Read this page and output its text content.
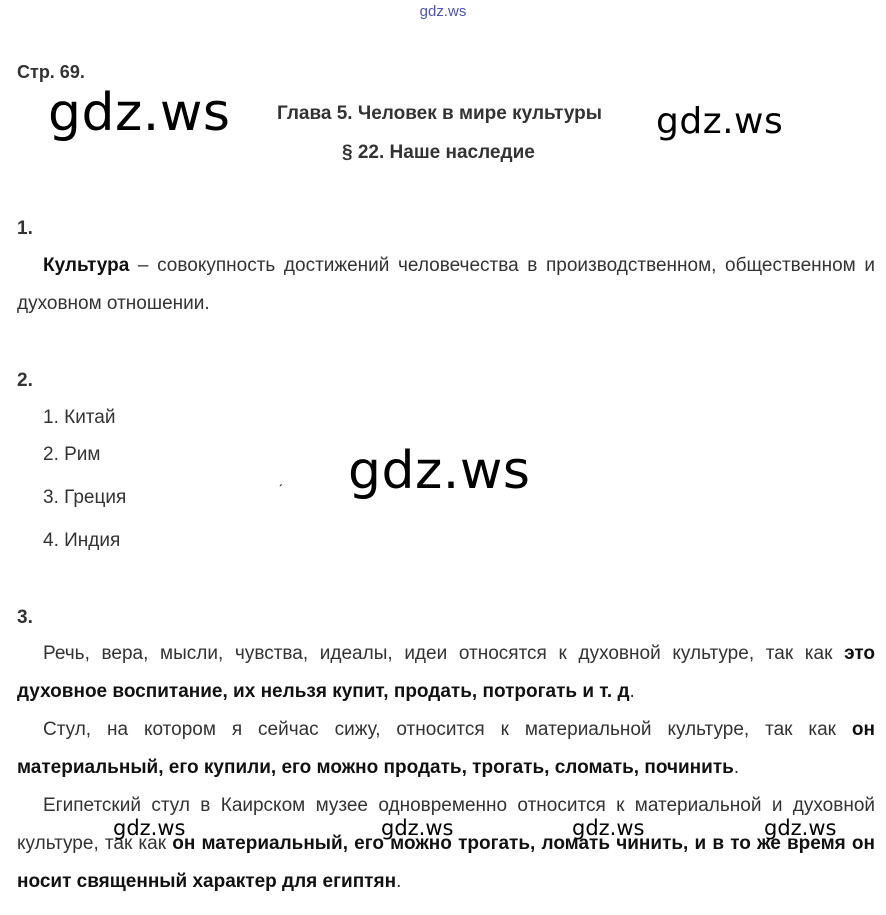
gdz.ws
Стр. 69.
gdz.ws Глава 5. Человек в мире культуры gdz.ws
§ 22. Наше наследие
1.
Культура – совокупность достижений человечества в производственном, общественном и духовном отношении.
2.
1. Китай
2. Рим
3. Греция
4. Индия
ˊ gdz.ws
3.
Речь, вера, мысли, чувства, идеалы, идеи относятся к духовной культуре, так как это духовное воспитание, их нельзя купит, продать, потрогать и т. д.
Стул, на котором я сейчас сижу, относится к материальной культуре, так как он материальный, его купили, его можно продать, трогать, сломать, починить.
Египетский стул в Каирском музее одновременно относится к материальной и духовной культуре, так как он материальный, его можно трогать, ломать чинить, и в то же время он носит священный характер для египтян.
gdz.ws	gdz.ws	gdz.ws	gdz.ws
